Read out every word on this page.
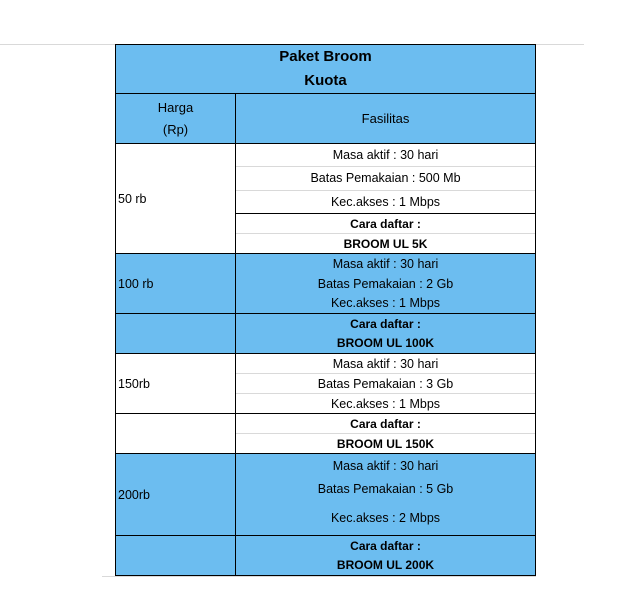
Paket Broom
Kuota
Harga
(Rp)
Fasilitas
50 rb
Masa aktif : 30 hari
Batas Pemakaian : 500 Mb
Kec.akses : 1 Mbps
Cara daftar :
BROOM UL 5K
100 rb
Masa aktif : 30 hari
Batas Pemakaian : 2 Gb
Kec.akses : 1 Mbps
Cara daftar :
BROOM UL 100K
150rb
Masa aktif : 30 hari
Batas Pemakaian : 3 Gb
Kec.akses : 1 Mbps
Cara daftar :
BROOM UL 150K
200rb
Masa aktif : 30 hari
Batas Pemakaian : 5 Gb
Kec.akses : 2 Mbps
Cara daftar :
BROOM UL 200K
